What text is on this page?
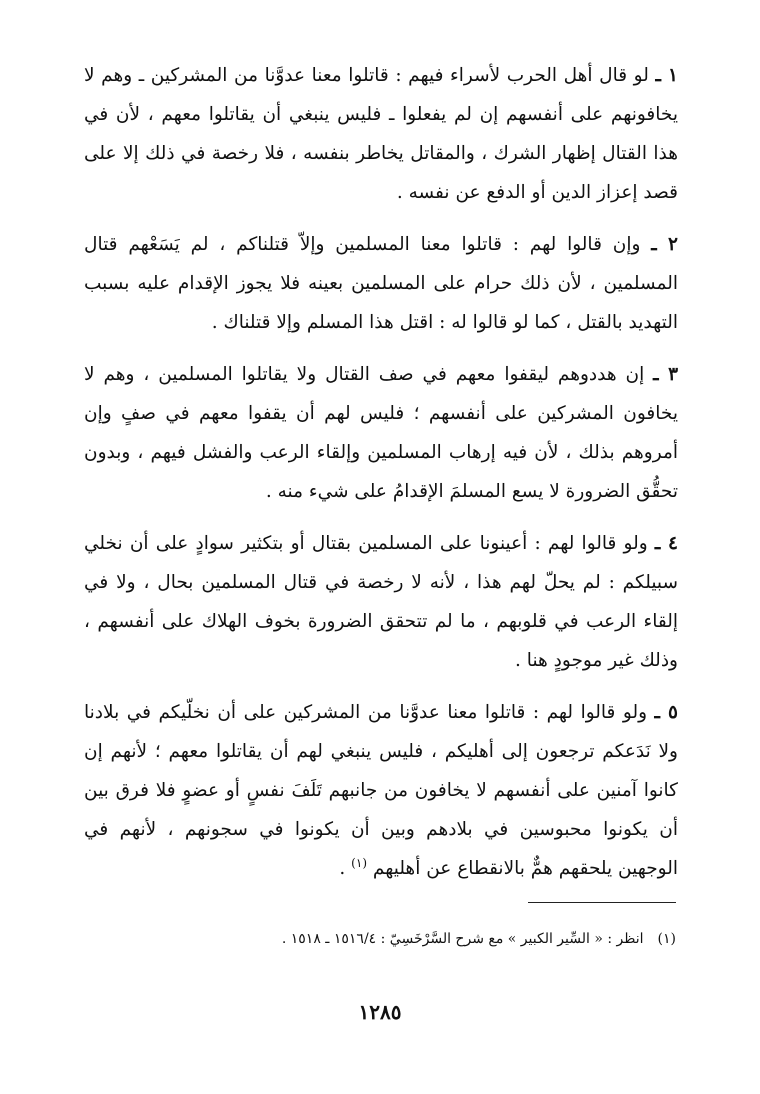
١ ـ لو قال أهل الحرب لأسراء فيهم : قاتلوا معنا عدوَّنا من المشركين ـ وهم لا يخافونهم على أنفسهم إن لم يفعلوا ـ فليس ينبغي أن يقاتلوا معهم ، لأن في هذا القتال إظهار الشرك ، والمقاتل يخاطر بنفسه ، فلا رخصة في ذلك إلا على قصد إعزاز الدين أو الدفع عن نفسه .

٢ ـ وإن قالوا لهم : قاتلوا معنا المسلمين وإلاّ قتلناكم ، لم يَسَعْهم قتال المسلمين ، لأن ذلك حرام على المسلمين بعينه فلا يجوز الإقدام عليه بسبب التهديد بالقتل ، كما لو قالوا له : اقتل هذا المسلم وإلا قتلناك .

٣ ـ إن هددوهم ليقفوا معهم في صف القتال ولا يقاتلوا المسلمين ، وهم لا يخافون المشركين على أنفسهم ؛ فليس لهم أن يقفوا معهم في صفٍ وإن أمروهم بذلك ، لأن فيه إرهاب المسلمين وإلقاء الرعب والفشل فيهم ، وبدون تحقُّق الضرورة لا يسع المسلمَ الإقدامُ على شيء منه .

٤ ـ ولو قالوا لهم : أعينونا على المسلمين بقتال أو بتكثير سوادٍ على أن نخلي سبيلكم : لم يحلّ لهم هذا ، لأنه لا رخصة في قتال المسلمين بحال ، ولا في إلقاء الرعب في قلوبهم ، ما لم تتحقق الضرورة بخوف الهلاك على أنفسهم ، وذلك غير موجودٍ هنا .

٥ ـ ولو قالوا لهم : قاتلوا معنا عدوَّنا من المشركين على أن نخلّيكم في بلادنا ولا نَدَعكم ترجعون إلى أهليكم ، فليس ينبغي لهم أن يقاتلوا معهم ؛ لأنهم إن كانوا آمنين على أنفسهم لا يخافون من جانبهم تَلَفَ نفسٍ أو عضوٍ فلا فرق بين أن يكونوا محبوسين في بلادهم وبين أن يكونوا في سجونهم ، لأنهم في الوجهين يلحقهم همٌّ بالانقطاع عن أهليهم $^{(١)}$ .

(١)انظر : « السِّير الكبير » مع شرح السَّرْخَسِيّ : ١٥١٦/٤ ـ ١٥١٨ .
١٢٨٥
